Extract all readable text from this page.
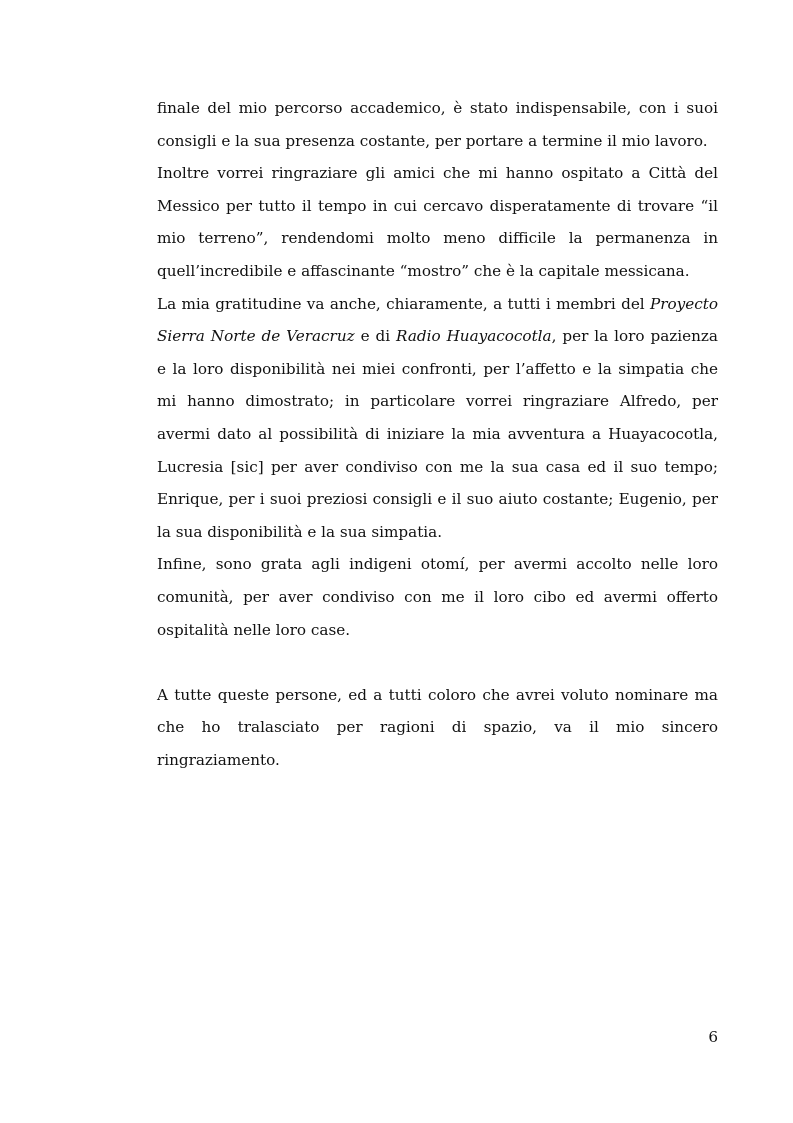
finale del mio percorso accademico, è stato indispensabile, con i suoi consigli e la sua presenza costante, per portare a termine il mio lavoro.

Inoltre vorrei ringraziare gli amici che mi hanno ospitato a Città del Messico per tutto il tempo in cui cercavo disperatamente di trovare “il mio terreno”, rendendomi molto meno difficile la permanenza in quell’incredibile e affascinante “mostro” che è la capitale messicana.

La mia gratitudine va anche, chiaramente, a tutti i membri del Proyecto Sierra Norte de Veracruz e di Radio Huayacocotla, per la loro pazienza e la loro disponibilità nei miei confronti, per l’affetto e la simpatia che mi hanno dimostrato; in particolare vorrei ringraziare Alfredo, per avermi dato al possibilità di iniziare la mia avventura a Huayacocotla, Lucresia [sic] per aver condiviso con me la sua casa ed il suo tempo; Enrique, per i suoi preziosi consigli e il suo aiuto costante; Eugenio, per la sua disponibilità e la sua simpatia.

Infine, sono grata agli indigeni otomí, per avermi accolto nelle loro comunità, per aver condiviso con me il loro cibo ed avermi offerto ospitalità nelle loro case.

A tutte queste persone, ed a tutti coloro che avrei voluto nominare ma che ho tralasciato per ragioni di spazio, va il mio sincero ringraziamento.

6
